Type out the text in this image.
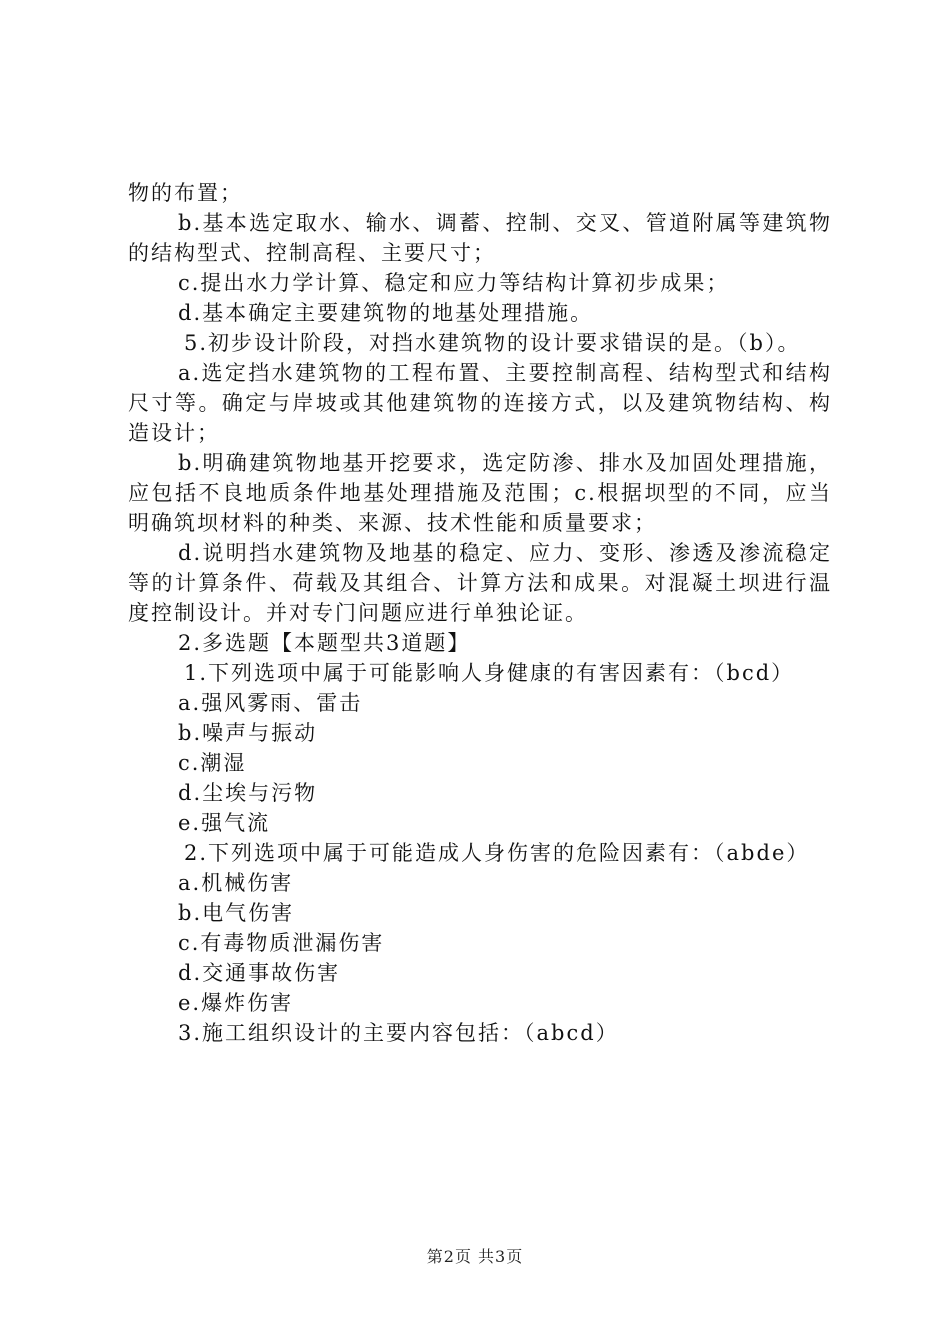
物的布置；

b.基本选定取水、输水、调蓄、控制、交叉、管道附属等建筑物的结构型式、控制高程、主要尺寸；

c.提出水力学计算、稳定和应力等结构计算初步成果；

d.基本确定主要建筑物的地基处理措施。

5.初步设计阶段，对挡水建筑物的设计要求错误的是。（b）。

a.选定挡水建筑物的工程布置、主要控制高程、结构型式和结构尺寸等。确定与岸坡或其他建筑物的连接方式，以及建筑物结构、构造设计；

b.明确建筑物地基开挖要求，选定防渗、排水及加固处理措施，应包括不良地质条件地基处理措施及范围；c.根据坝型的不同，应当明确筑坝材料的种类、来源、技术性能和质量要求；

d.说明挡水建筑物及地基的稳定、应力、变形、渗透及渗流稳定等的计算条件、荷载及其组合、计算方法和成果。对混凝土坝进行温度控制设计。并对专门问题应进行单独论证。

2.多选题【本题型共3道题】

1.下列选项中属于可能影响人身健康的有害因素有：（bcd）

a.强风雾雨、雷击

b.噪声与振动

c.潮湿

d.尘埃与污物

e.强气流

2.下列选项中属于可能造成人身伤害的危险因素有：（abde）

a.机械伤害

b.电气伤害

c.有毒物质泄漏伤害

d.交通事故伤害

e.爆炸伤害

3.施工组织设计的主要内容包括：（abcd）

第2页 共3页
